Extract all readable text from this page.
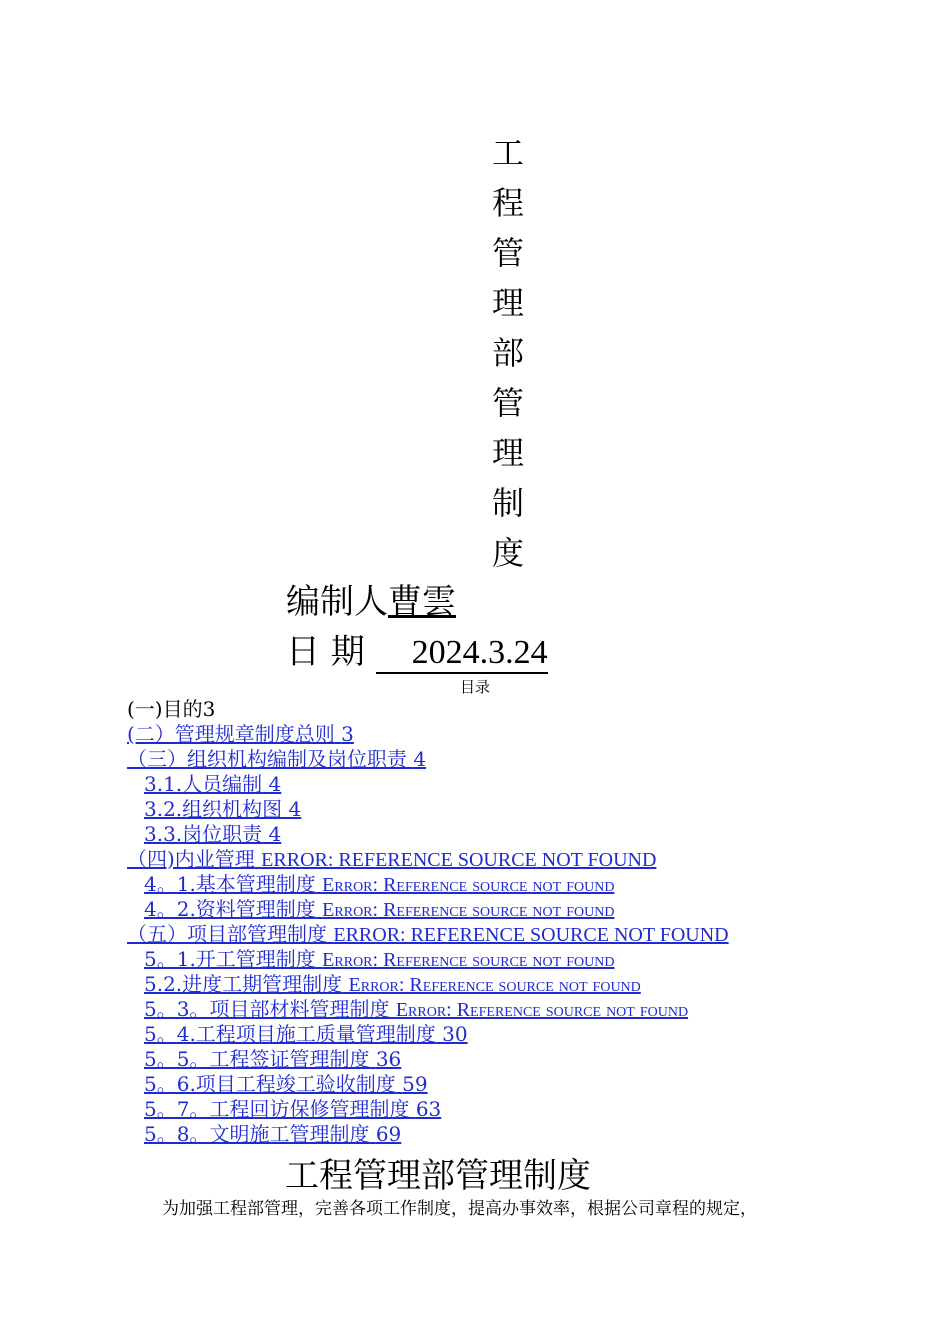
工
程
管
理
部
管
理
制
度
编制人曹雲
日 期 2024.3.24
目录
(一)目的3
(二）管理规章制度总则 3
（三）组织机构编制及岗位职责 4
3.1.人员编制 4
3.2.组织机构图 4
3.3.岗位职责 4
（四)内业管理 ERROR: REFERENCE SOURCE NOT FOUND
4。1.基本管理制度 Error: Reference source not found
4。2.资料管理制度 Error: Reference source not found
（五）项目部管理制度 ERROR: REFERENCE SOURCE NOT FOUND
5。1.开工管理制度 Error: Reference source not found
5.2.进度工期管理制度 Error: Reference source not found
5。3。项目部材料管理制度 Error: Reference source not found
5。4.工程项目施工质量管理制度 30
5。5。工程签证管理制度 36
5。6.项目工程竣工验收制度 59
5。7。工程回访保修管理制度 63
5。8。文明施工管理制度 69
工程管理部管理制度
为加强工程部管理，完善各项工作制度，提高办事效率，根据公司章程的规定，
